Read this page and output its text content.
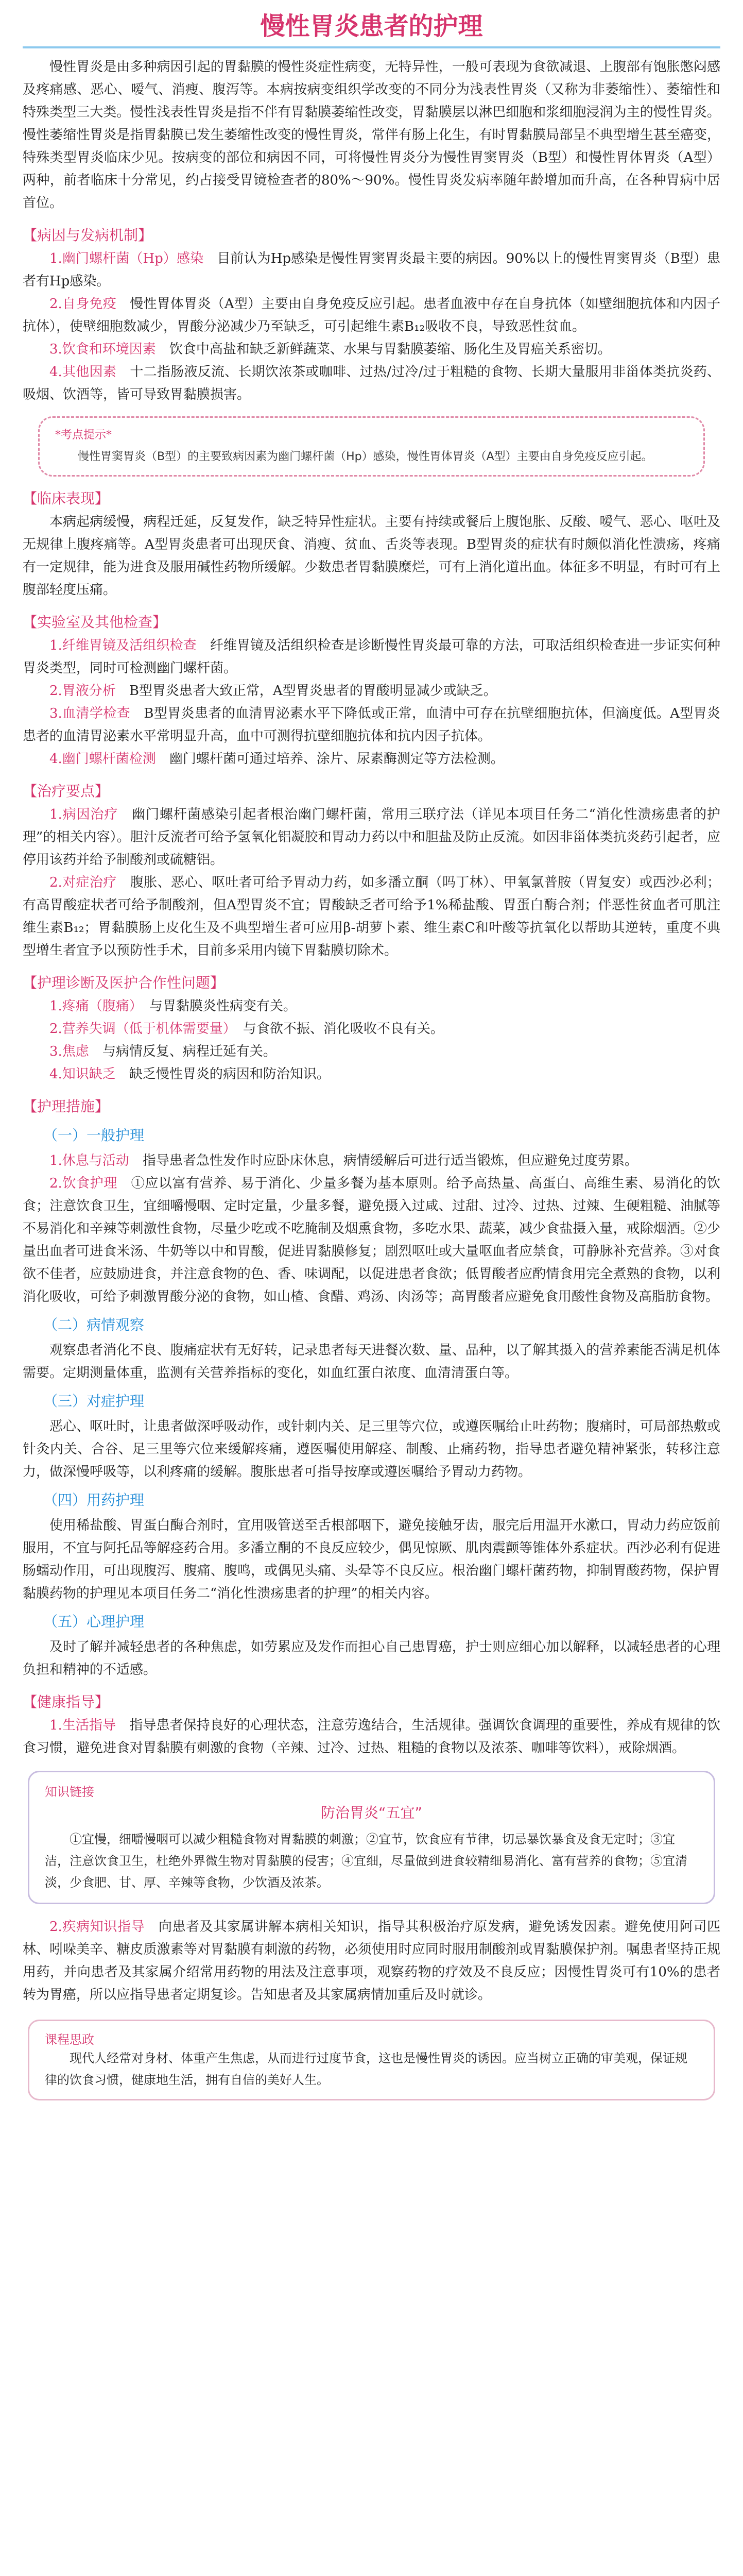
慢性胃炎患者的护理

慢性胃炎是由多种病因引起的胃黏膜的慢性炎症性病变，无特异性，一般可表现为食欲减退、上腹部有饱胀憋闷感及疼痛感、恶心、嗳气、消瘦、腹泻等。本病按病变组织学改变的不同分为浅表性胃炎（又称为非萎缩性）、萎缩性和特殊类型三大类。慢性浅表性胃炎是指不伴有胃黏膜萎缩性改变，胃黏膜层以淋巴细胞和浆细胞浸润为主的慢性胃炎。慢性萎缩性胃炎是指胃黏膜已发生萎缩性改变的慢性胃炎，常伴有肠上化生，有时胃黏膜局部呈不典型增生甚至癌变，特殊类型胃炎临床少见。按病变的部位和病因不同，可将慢性胃炎分为慢性胃窦胃炎（B型）和慢性胃体胃炎（A型）两种，前者临床十分常见，约占接受胃镜检查者的80%～90%。慢性胃炎发病率随年龄增加而升高，在各种胃病中居首位。

【病因与发病机制】

1.幽门螺杆菌（Hp）感染　 目前认为Hp感染是慢性胃窦胃炎最主要的病因。90%以上的慢性胃窦胃炎（B型）患者有Hp感染。

2.自身免疫　 慢性胃体胃炎（A型）主要由自身免疫反应引起。患者血液中存在自身抗体（如壁细胞抗体和内因子抗体），使壁细胞数减少，胃酸分泌减少乃至缺乏，可引起维生素B₁₂吸收不良，导致恶性贫血。

3.饮食和环境因素　 饮食中高盐和缺乏新鲜蔬菜、水果与胃黏膜萎缩、肠化生及胃癌关系密切。

4.其他因素　 十二指肠液反流、长期饮浓茶或咖啡、过热/过冷/过于粗糙的食物、长期大量服用非甾体类抗炎药、吸烟、饮酒等，皆可导致胃黏膜损害。

*考点提示*
慢性胃窦胃炎（B型）的主要致病因素为幽门螺杆菌（Hp）感染，慢性胃体胃炎（A型）主要由自身免疫反应引起。
【临床表现】

本病起病缓慢，病程迁延，反复发作，缺乏特异性症状。主要有持续或餐后上腹饱胀、反酸、嗳气、恶心、呕吐及无规律上腹疼痛等。A型胃炎患者可出现厌食、消瘦、贫血、舌炎等表现。B型胃炎的症状有时颇似消化性溃疡，疼痛有一定规律，能为进食及服用碱性药物所缓解。少数患者胃黏膜糜烂，可有上消化道出血。体征多不明显，有时可有上腹部轻度压痛。

【实验室及其他检查】

1.纤维胃镜及活组织检查　 纤维胃镜及活组织检查是诊断慢性胃炎最可靠的方法，可取活组织检查进一步证实何种胃炎类型，同时可检测幽门螺杆菌。

2.胃液分析　 B型胃炎患者大致正常，A型胃炎患者的胃酸明显减少或缺乏。

3.血清学检查　 B型胃炎患者的血清胃泌素水平下降低或正常，血清中可存在抗壁细胞抗体，但滴度低。A型胃炎患者的血清胃泌素水平常明显升高，血中可测得抗壁细胞抗体和抗内因子抗体。

4.幽门螺杆菌检测　 幽门螺杆菌可通过培养、涂片、尿素酶测定等方法检测。

【治疗要点】

1.病因治疗　 幽门螺杆菌感染引起者根治幽门螺杆菌，常用三联疗法（详见本项目任务二“消化性溃疡患者的护理”的相关内容）。胆汁反流者可给予氢氧化铝凝胶和胃动力药以中和胆盐及防止反流。如因非甾体类抗炎药引起者，应停用该药并给予制酸剂或硫糖铝。

2.对症治疗　 腹胀、恶心、呕吐者可给予胃动力药，如多潘立酮（吗丁林）、甲氧氯普胺（胃复安）或西沙必利；有高胃酸症状者可给予制酸剂，但A型胃炎不宜；胃酸缺乏者可给予1%稀盐酸、胃蛋白酶合剂；伴恶性贫血者可肌注维生素B₁₂；胃黏膜肠上皮化生及不典型增生者可应用β-胡萝卜素、维生素C和叶酸等抗氧化以帮助其逆转，重度不典型增生者宜予以预防性手术，目前多采用内镜下胃黏膜切除术。

【护理诊断及医护合作性问题】

1.疼痛（腹痛）　 与胃黏膜炎性病变有关。

2.营养失调（低于机体需要量）　 与食欲不振、消化吸收不良有关。

3.焦虑　 与病情反复、病程迁延有关。

4.知识缺乏　 缺乏慢性胃炎的病因和防治知识。

【护理措施】
（一）一般护理

1.休息与活动　 指导患者急性发作时应卧床休息，病情缓解后可进行适当锻炼，但应避免过度劳累。

2.饮食护理　 ①应以富有营养、易于消化、少量多餐为基本原则。给予高热量、高蛋白、高维生素、易消化的饮食；注意饮食卫生，宜细嚼慢咽、定时定量，少量多餐，避免摄入过咸、过甜、过冷、过热、过辣、生硬粗糙、油腻等不易消化和辛辣等刺激性食物，尽量少吃或不吃腌制及烟熏食物，多吃水果、蔬菜，减少食盐摄入量，戒除烟酒。②少量出血者可进食米汤、牛奶等以中和胃酸，促进胃黏膜修复；剧烈呕吐或大量呕血者应禁食，可静脉补充营养。③对食欲不佳者，应鼓励进食，并注意食物的色、香、味调配，以促进患者食欲；低胃酸者应酌情食用完全煮熟的食物，以利消化吸收，可给予刺激胃酸分泌的食物，如山楂、食醋、鸡汤、肉汤等；高胃酸者应避免食用酸性食物及高脂肪食物。

（二）病情观察

观察患者消化不良、腹痛症状有无好转，记录患者每天进餐次数、量、品种，以了解其摄入的营养素能否满足机体需要。定期测量体重，监测有关营养指标的变化，如血红蛋白浓度、血清清蛋白等。

（三）对症护理

恶心、呕吐时，让患者做深呼吸动作，或针刺内关、足三里等穴位，或遵医嘱给止吐药物；腹痛时，可局部热敷或针灸内关、合谷、足三里等穴位来缓解疼痛，遵医嘱使用解痉、制酸、止痛药物，指导患者避免精神紧张，转移注意力，做深慢呼吸等，以利疼痛的缓解。腹胀患者可指导按摩或遵医嘱给予胃动力药物。

（四）用药护理

使用稀盐酸、胃蛋白酶合剂时，宜用吸管送至舌根部咽下，避免接触牙齿，服完后用温开水漱口，胃动力药应饭前服用，不宜与阿托品等解痉药合用。多潘立酮的不良反应较少，偶见惊厥、肌肉震颤等锥体外系症状。西沙必利有促进肠蠕动作用，可出现腹泻、腹痛、腹鸣，或偶见头痛、头晕等不良反应。根治幽门螺杆菌药物，抑制胃酸药物，保护胃黏膜药物的护理见本项目任务二“消化性溃疡患者的护理”的相关内容。

（五）心理护理

及时了解并减轻患者的各种焦虑，如劳累应及发作而担心自己患胃癌，护士则应细心加以解释，以减轻患者的心理负担和精神的不适感。

【健康指导】

1.生活指导　 指导患者保持良好的心理状态，注意劳逸结合，生活规律。强调饮食调理的重要性，养成有规律的饮食习惯，避免进食对胃黏膜有刺激的食物（辛辣、过冷、过热、粗糙的食物以及浓茶、咖啡等饮料），戒除烟酒。

知识链接
防治胃炎“五宜”
①宜慢，细嚼慢咽可以减少粗糙食物对胃黏膜的刺激；②宜节，饮食应有节律，切忌暴饮暴食及食无定时；③宜洁，注意饮食卫生，杜绝外界微生物对胃黏膜的侵害；④宜细，尽量做到进食较精细易消化、富有营养的食物；⑤宜清淡，少食肥、甘、厚、辛辣等食物，少饮酒及浓茶。

2.疾病知识指导　 向患者及其家属讲解本病相关知识，指导其积极治疗原发病，避免诱发因素。避免使用阿司匹林、吲哚美辛、糖皮质激素等对胃黏膜有刺激的药物，必须使用时应同时服用制酸剂或胃黏膜保护剂。嘱患者坚持正规用药，并向患者及其家属介绍常用药物的用法及注意事项，观察药物的疗效及不良反应；因慢性胃炎可有10%的患者转为胃癌，所以应指导患者定期复诊。告知患者及其家属病情加重后及时就诊。

课程思政
现代人经常对身材、体重产生焦虑，从而进行过度节食，这也是慢性胃炎的诱因。应当树立正确的审美观，保证规律的饮食习惯，健康地生活，拥有自信的美好人生。
